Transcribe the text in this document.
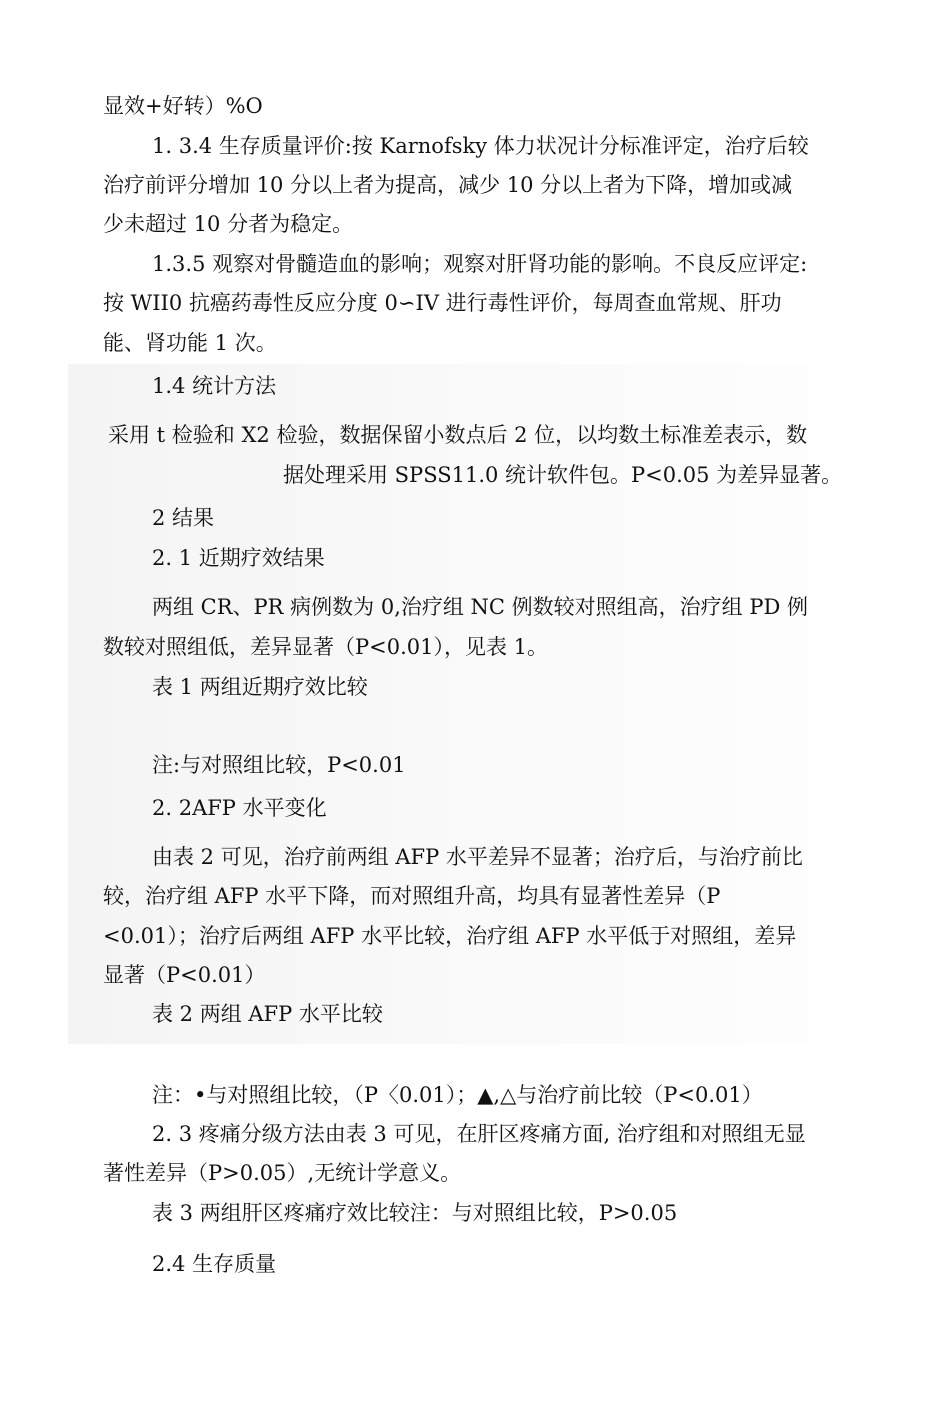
显效+好转）%O
1. 3.4 生存质量评价:按 Karnofsky 体力状况计分标准评定，治疗后较
治疗前评分增加 10 分以上者为提高，减少 10 分以上者为下降，增加或减
少未超过 10 分者为稳定。
1.3.5 观察对骨髓造血的影响；观察对肝肾功能的影响。不良反应评定:
按 WII0 抗癌药毒性反应分度 0∽IV 进行毒性评价，每周查血常规、肝功
能、肾功能 1 次。
1.4 统计方法
采用 t 检验和 X2 检验，数据保留小数点后 2 位，以均数土标准差表示，数
据处理采用 SPSS11.0 统计软件包。P<0.05 为差异显著。
2 结果
2. 1 近期疗效结果
两组 CR、PR 病例数为 0,治疗组 NC 例数较对照组高，治疗组 PD 例
数较对照组低，差异显著（P<0.01），见表 1。
表 1 两组近期疗效比较
注:与对照组比较，P<0.01
2. 2AFP 水平变化
由表 2 可见，治疗前两组 AFP 水平差异不显著；治疗后，与治疗前比
较，治疗组 AFP 水平下降，而对照组升高，均具有显著性差异（P
<0.01）；治疗后两组 AFP 水平比较，治疗组 AFP 水平低于对照组，差异
显著（P<0.01）
表 2 两组 AFP 水平比较
注：•与对照组比较，（P〈0.01）；▲,△与治疗前比较（P<0.01）
2. 3 疼痛分级方法由表 3 可见，在肝区疼痛方面, 治疗组和对照组无显
著性差异（P>0.05）,无统计学意义。
表 3 两组肝区疼痛疗效比较注：与对照组比较，P>0.05
2.4 生存质量
